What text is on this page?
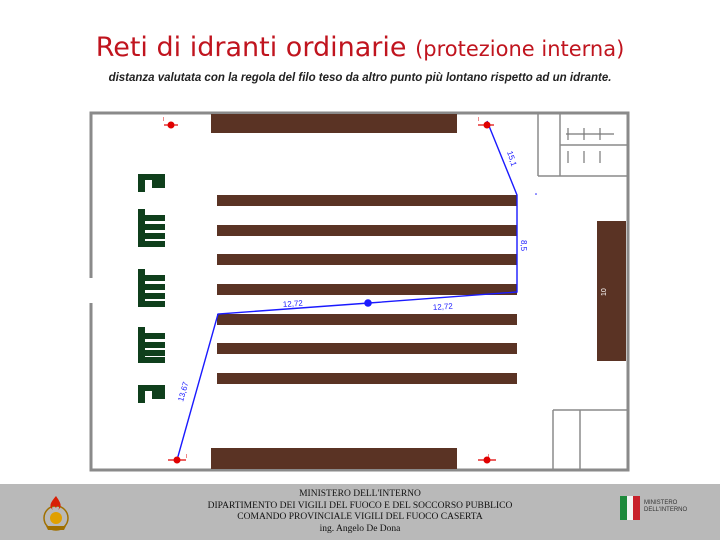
Reti di idranti ordinarie (protezione interna)
distanza valutata con la regola del filo teso da altro punto più lontano rispetto ad un idrante.
I	I
I	I
15,1
8,5
12,72	12,72
13,67
10
MINISTERO DELL'INTERNO
DIPARTIMENTO DEI VIGILI DEL FUOCO E DEL SOCCORSO PUBBLICO
COMANDO PROVINCIALE VIGILI DEL FUOCO CASERTA
ing. Angelo De Dona
MINISTERO DELL'INTERNO
